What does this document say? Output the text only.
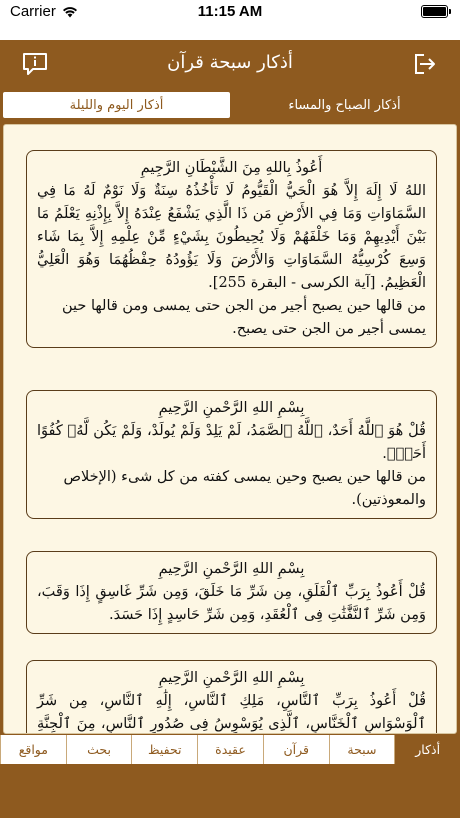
Carrier	11:15 AM
أذكار سبحة قرآن
أذكار اليوم والليلة	أذكار الصباح والمساء
أَعُوذُ بِاللهِ مِنَ الشَّيْطَانِ الرَّجِيمِ

اللهُ لَا إِلَهَ إِلاَّ هُوَ الْحَيُّ الْقَيُّومُ لَا تَأْخُذُهُ سِنَةٌ وَلَا نَوْمٌ لَهُ مَا فِي السَّمَاوَاتِ وَمَا فِي الأَرْضِ مَن ذَا الَّذِي يَشْفَعُ عِنْدَهُ إِلاَّ بِإِذْنِهِ يَعْلَمُ مَا بَيْنَ أَيْدِيهِمْ وَمَا خَلْفَهُمْ وَلَا يُحِيطُونَ بِشَيْءٍ مِّنْ عِلْمِهِ إِلاَّ بِمَا شَاء وَسِعَ كُرْسِيُّهُ السَّمَاوَاتِ وَالأَرْضَ وَلَا يَؤُودُهُ حِفْظُهُمَا وَهُوَ الْعَلِيُّ الْعَظِيمُ. [آية الكرسى - البقرة 255].

من قالها حين يصبح أجير من الجن حتى يمسى ومن قالها حين يمسى أجير من الجن حتى يصبح.

بِسْمِ اللهِ الرَّحْمنِ الرَّحِيمِ

قُلْ هُوَ ٱللَّهُ أَحَدٌ، ٱللَّهُ ٱلصَّمَدُ، لَمْ يَلِدْ وَلَمْ يُولَدْ، وَلَمْ يَكُن لَّهُۥ كُفُوًا أَحَدٌۢ.

من قالها حين يصبح وحين يمسى كفته من كل شىء (الإخلاص والمعوذتين).

بِسْمِ اللهِ الرَّحْمنِ الرَّحِيمِ

قُلْ أَعُوذُ بِرَبِّ ٱلْفَلَقِ، مِن شَرِّ مَا خَلَقَ، وَمِن شَرِّ غَاسِقٍ إِذَا وَقَبَ، وَمِن شَرِّ ٱلنَّفَّٰثَٰتِ فِى ٱلْعُقَدِ، وَمِن شَرِّ حَاسِدٍ إِذَا حَسَدَ.

بِسْمِ اللهِ الرَّحْمنِ الرَّحِيمِ

قُلْ أَعُوذُ بِرَبِّ ٱلنَّاسِ، مَلِكِ ٱلنَّاسِ، إِلَٰهِ ٱلنَّاسِ، مِن شَرِّ ٱلْوَسْوَاسِ ٱلْخَنَّاسِ، ٱلَّذِى يُوَسْوِسُ فِى صُدُورِ ٱلنَّاسِ، مِنَ ٱلْجِنَّةِ

أذكار
سبحة
قرآن
عقيدة
تحفيظ
بحث
مواقع
